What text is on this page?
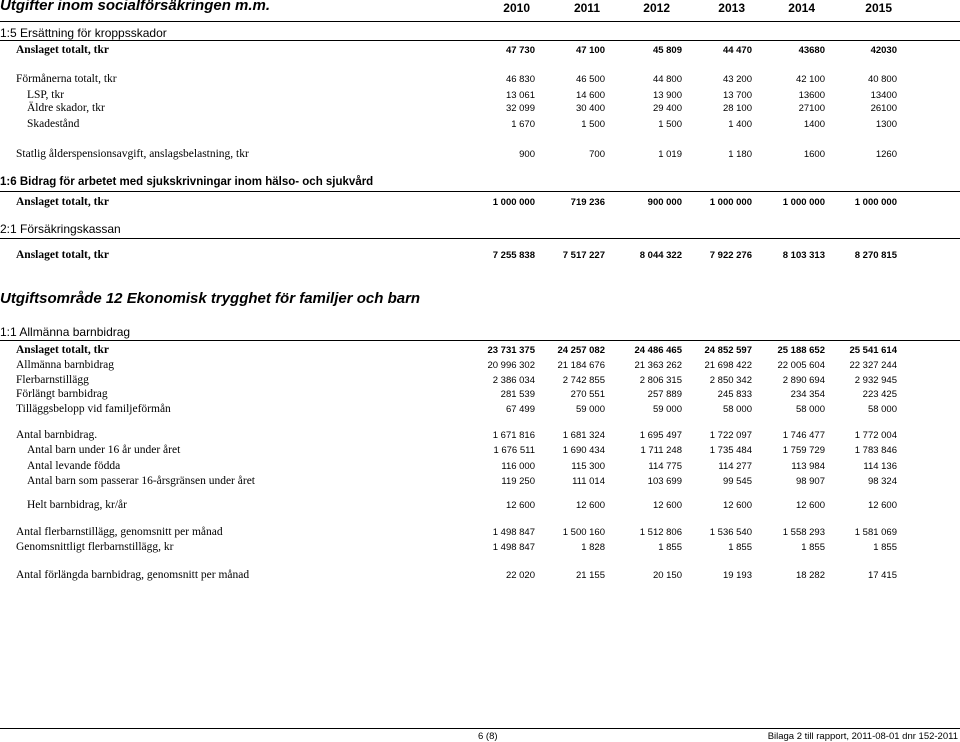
Utgifter inom socialförsäkringen m.m.	2010	2011	2012	2013	2014	2015
1:5 Ersättning för kroppsskador
1:6 Bidrag för arbetet med sjukskrivningar inom hälso- och sjukvård
2:1 Försäkringskassan
Utgiftsområde 12 Ekonomisk trygghet för familjer och barn
1:1 Allmänna barnbidrag
Anslaget totalt, tkr	47 730	47 100	45 809	44 470	43680	42030
Förmånerna totalt, tkr	46 830	46 500	44 800	43 200	42 100	40 800
LSP, tkr	13 061	14 600	13 900	13 700	13600	13400
Äldre skador, tkr	32 099	30 400	29 400	28 100	27100	26100
Skadestånd	1 670	1 500	1 500	1 400	1400	1300
Statlig ålderspensionsavgift, anslagsbelastning, tkr	900	700	1 019	1 180	1600	1260
Anslaget totalt, tkr	1 000 000	719 236	900 000	1 000 000	1 000 000	1 000 000
Anslaget totalt, tkr	7 255 838	7 517 227	8 044 322	7 922 276	8 103 313	8 270 815
Anslaget totalt, tkr	23 731 375	24 257 082	24 486 465	24 852 597	25 188 652	25 541 614
Allmänna barnbidrag	20 996 302	21 184 676	21 363 262	21 698 422	22 005 604	22 327 244
Flerbarnstillägg	2 386 034	2 742 855	2 806 315	2 850 342	2 890 694	2 932 945
Förlängt barnbidrag	281 539	270 551	257 889	245 833	234 354	223 425
Tilläggsbelopp vid familjeförmån	67 499	59 000	59 000	58 000	58 000	58 000
Antal barnbidrag.	1 671 816	1 681 324	1 695 497	1 722 097	1 746 477	1 772 004
Antal barn under 16 år under året	1 676 511	1 690 434	1 711 248	1 735 484	1 759 729	1 783 846
Antal levande födda	116 000	115 300	114 775	114 277	113 984	114 136
Antal barn som passerar 16-årsgränsen under året	119 250	111 014	103 699	99 545	98 907	98 324
Helt barnbidrag, kr/år	12 600	12 600	12 600	12 600	12 600	12 600
Antal flerbarnstillägg, genomsnitt per månad	1 498 847	1 500 160	1 512 806	1 536 540	1 558 293	1 581 069
Genomsnittligt flerbarnstillägg, kr	1 498 847	1 828	1 855	1 855	1 855	1 855
Antal förlängda barnbidrag, genomsnitt per månad	22 020	21 155	20 150	19 193	18 282	17 415
6 (8)	Bilaga 2 till rapport, 2011-08-01 dnr 152-2011
